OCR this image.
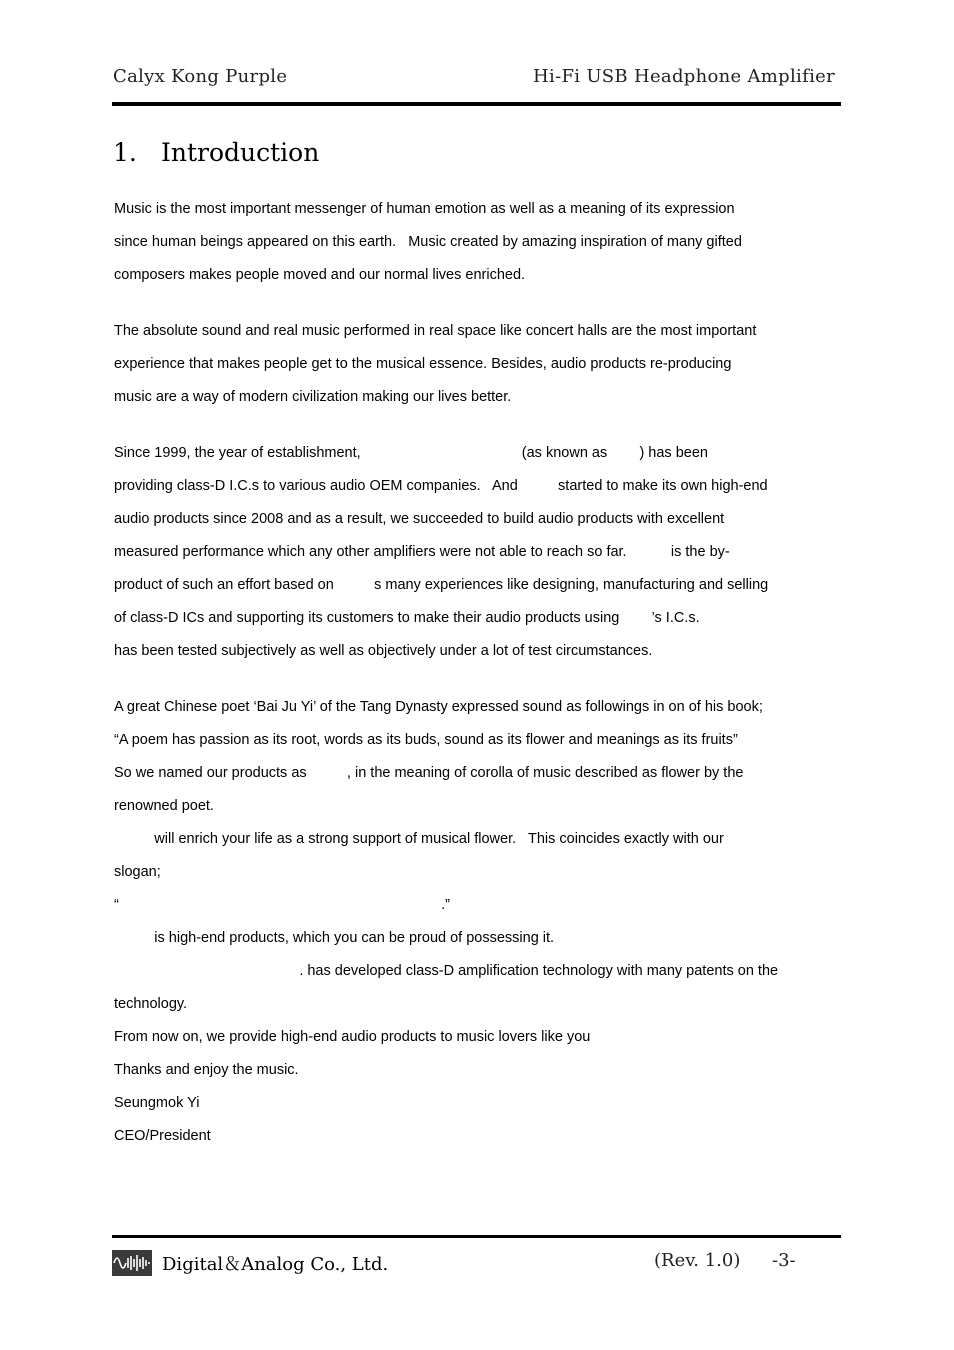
Calyx Kong Purple	Hi-Fi USB Headphone Amplifier
1. Introduction
Music is the most important messenger of human emotion as well as a meaning of its expression
since human beings appeared on this earth.   Music created by amazing inspiration of many gifted
composers makes people moved and our normal lives enriched.
The absolute sound and real music performed in real space like concert halls are the most important
experience that makes people get to the musical essence. Besides, audio products re-producing
music are a way of modern civilization making our lives better.
Since 1999, the year of establishment,                                        (as known as        ) has been
providing class-D I.C.s to various audio OEM companies.   And          started to make its own high-end
audio products since 2008 and as a result, we succeeded to build audio products with excellent
measured performance which any other amplifiers were not able to reach so far.           is the by-
product of such an effort based on          s many experiences like designing, manufacturing and selling
of class-D ICs and supporting its customers to make their audio products using        ’s I.C.s.
has been tested subjectively as well as objectively under a lot of test circumstances.
A great Chinese poet ‘Bai Ju Yi’ of the Tang Dynasty expressed sound as followings in on of his book;
“A poem has passion as its root, words as its buds, sound as its flower and meanings as its fruits”
So we named our products as          , in the meaning of corolla of music described as flower by the
renowned poet.
will enrich your life as a strong support of musical flower.   This coincides exactly with our
slogan;
“                                                                                .”
is high-end products, which you can be proud of possessing it.
. has developed class-D amplification technology with many patents on the
technology.
From now on, we provide high-end audio products to music lovers like you
Thanks and enjoy the music.
Seungmok Yi
CEO/President
Digital＆Analog Co., Ltd.	(Rev. 1.0) -3-
